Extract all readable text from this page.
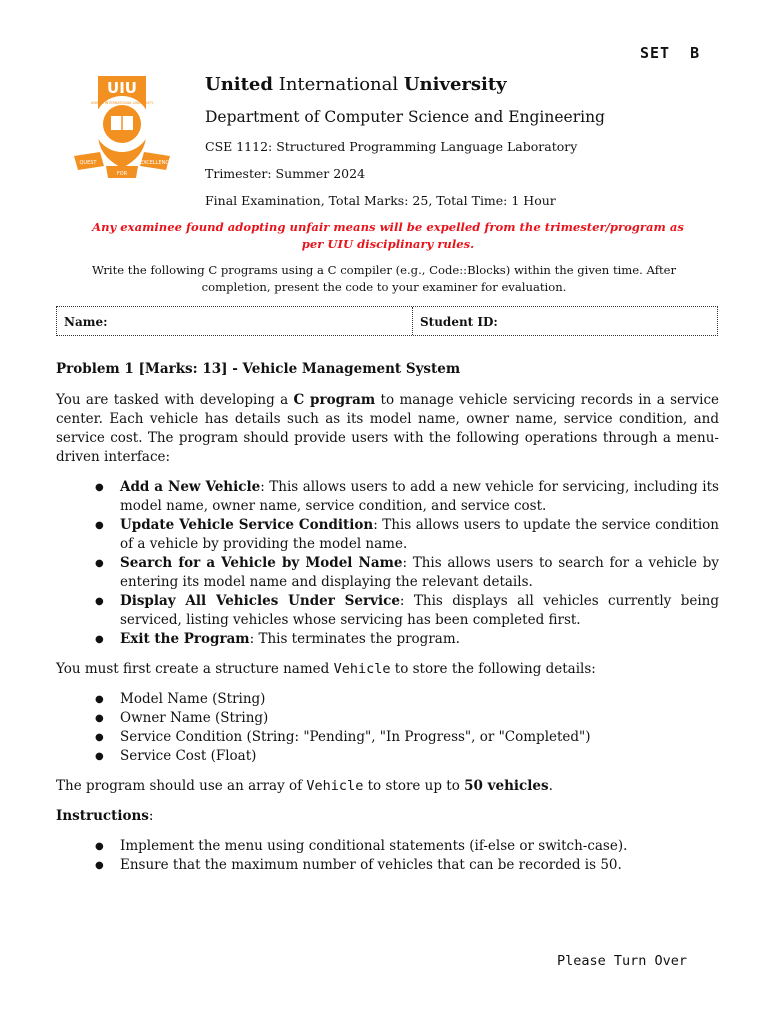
SET  B
UIU
UNITED INTERNATIONAL UNIVERSITY
QUEST	EXCELLENCE
FOR
United International University
Department of Computer Science and Engineering
CSE 1112: Structured Programming Language Laboratory
Trimester: Summer 2024
Final Examination, Total Marks: 25, Total Time: 1 Hour
Any examinee found adopting unfair means will be expelled from the trimester/program as per UIU disciplinary rules.
Write the following C programs using a C compiler (e.g., Code::Blocks) within the given time. After completion, present the code to your examiner for evaluation.
Name:	Student ID:

Problem 1 [Marks: 13] - Vehicle Management System

You are tasked with developing a C program to manage vehicle servicing records in a service center. Each vehicle has details such as its model name, owner name, service condition, and service cost. The program should provide users with the following operations through a menu-driven interface:

● Add a New Vehicle: This allows users to add a new vehicle for servicing, including its model name, owner name, service condition, and service cost.
● Update Vehicle Service Condition: This allows users to update the service condition of a vehicle by providing the model name.
● Search for a Vehicle by Model Name: This allows users to search for a vehicle by entering its model name and displaying the relevant details.
● Display All Vehicles Under Service: This displays all vehicles currently being serviced, listing vehicles whose servicing has been completed first.
● Exit the Program: This terminates the program.

You must first create a structure named Vehicle to store the following details:

● Model Name (String)
● Owner Name (String)
● Service Condition (String: "Pending", "In Progress", or "Completed")
● Service Cost (Float)

The program should use an array of Vehicle to store up to 50 vehicles.

Instructions:

● Implement the menu using conditional statements (if-else or switch-case).
● Ensure that the maximum number of vehicles that can be recorded is 50.
Please Turn Over
